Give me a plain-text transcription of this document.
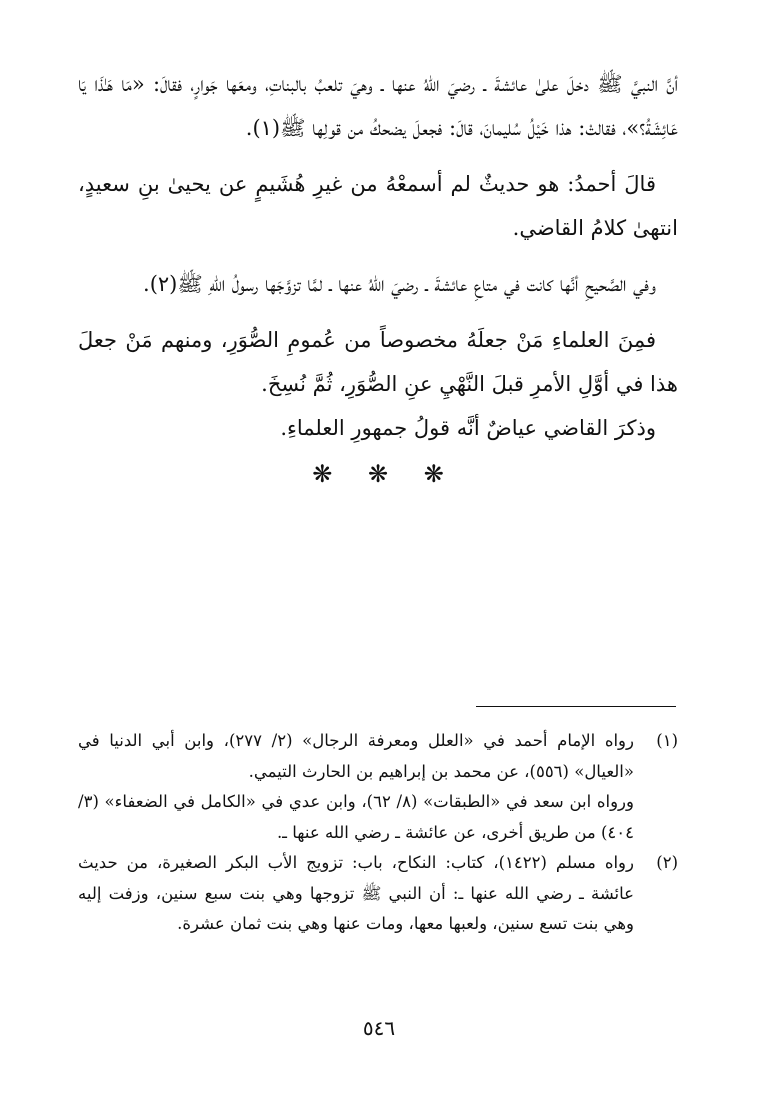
أنَّ النبيَّ ﷺ دخلَ علىٰ عائشةَ ـ رضيَ اللهُ عنها ـ وهيَ تلعبُ بالبناتِ، ومعَها جَوارٍ، فقالَ: «مَا هَـٰذَا يَا عَائِشَةُ؟»، فقالتْ: هذا خَيْلُ سُليمانَ، قالَ: فجعلَ يضحكُ من قولِها ﷺ(١).

قالَ أحمدُ: هو حديثٌ لم أسمعْهُ من غيرِ هُشَيمٍ عن يحيىٰ بنِ سعيدٍ، انتهىٰ كلامُ القاضي.

وفي الصَّحيحِ أنَّها كانت في متاعِ عائشةَ ـ رضيَ اللهُ عنها ـ لمَّا تزوَّجَها رسولُ اللهِ ﷺ(٢).

فمِنَ العلماءِ مَنْ جعلَهُ مخصوصاً من عُمومِ الصُّوَرِ، ومنهم مَنْ جعلَ هذا في أوَّلِ الأمرِ قبلَ النَّهْيِ عنِ الصُّوَرِ، ثُمَّ نُسِخَ.

وذكرَ القاضي عياضٌ أنَّه قولُ جمهورِ العلماءِ.

❋ ❋ ❋
(١)

رواه الإمام أحمد في «العلل ومعرفة الرجال» (٢/ ٢٧٧)، وابن أبي الدنيا في «العيال» (٥٥٦)، عن محمد بن إبراهيم بن الحارث التيمي.

ورواه ابن سعد في «الطبقات» (٨/ ٦٢)، وابن عدي في «الكامل في الضعفاء» (٣/ ٤٠٤) من طريق أخرى، عن عائشة ـ رضي الله عنها ـ.

(٢)

رواه مسلم (١٤٢٢)، كتاب: النكاح، باب: تزويج الأب البكر الصغيرة، من حديث عائشة ـ رضي الله عنها ـ: أن النبي ﷺ تزوجها وهي بنت سبع سنين، وزفت إليه وهي بنت تسع سنين، ولعبها معها، ومات عنها وهي بنت ثمان عشرة.

٥٤٦
